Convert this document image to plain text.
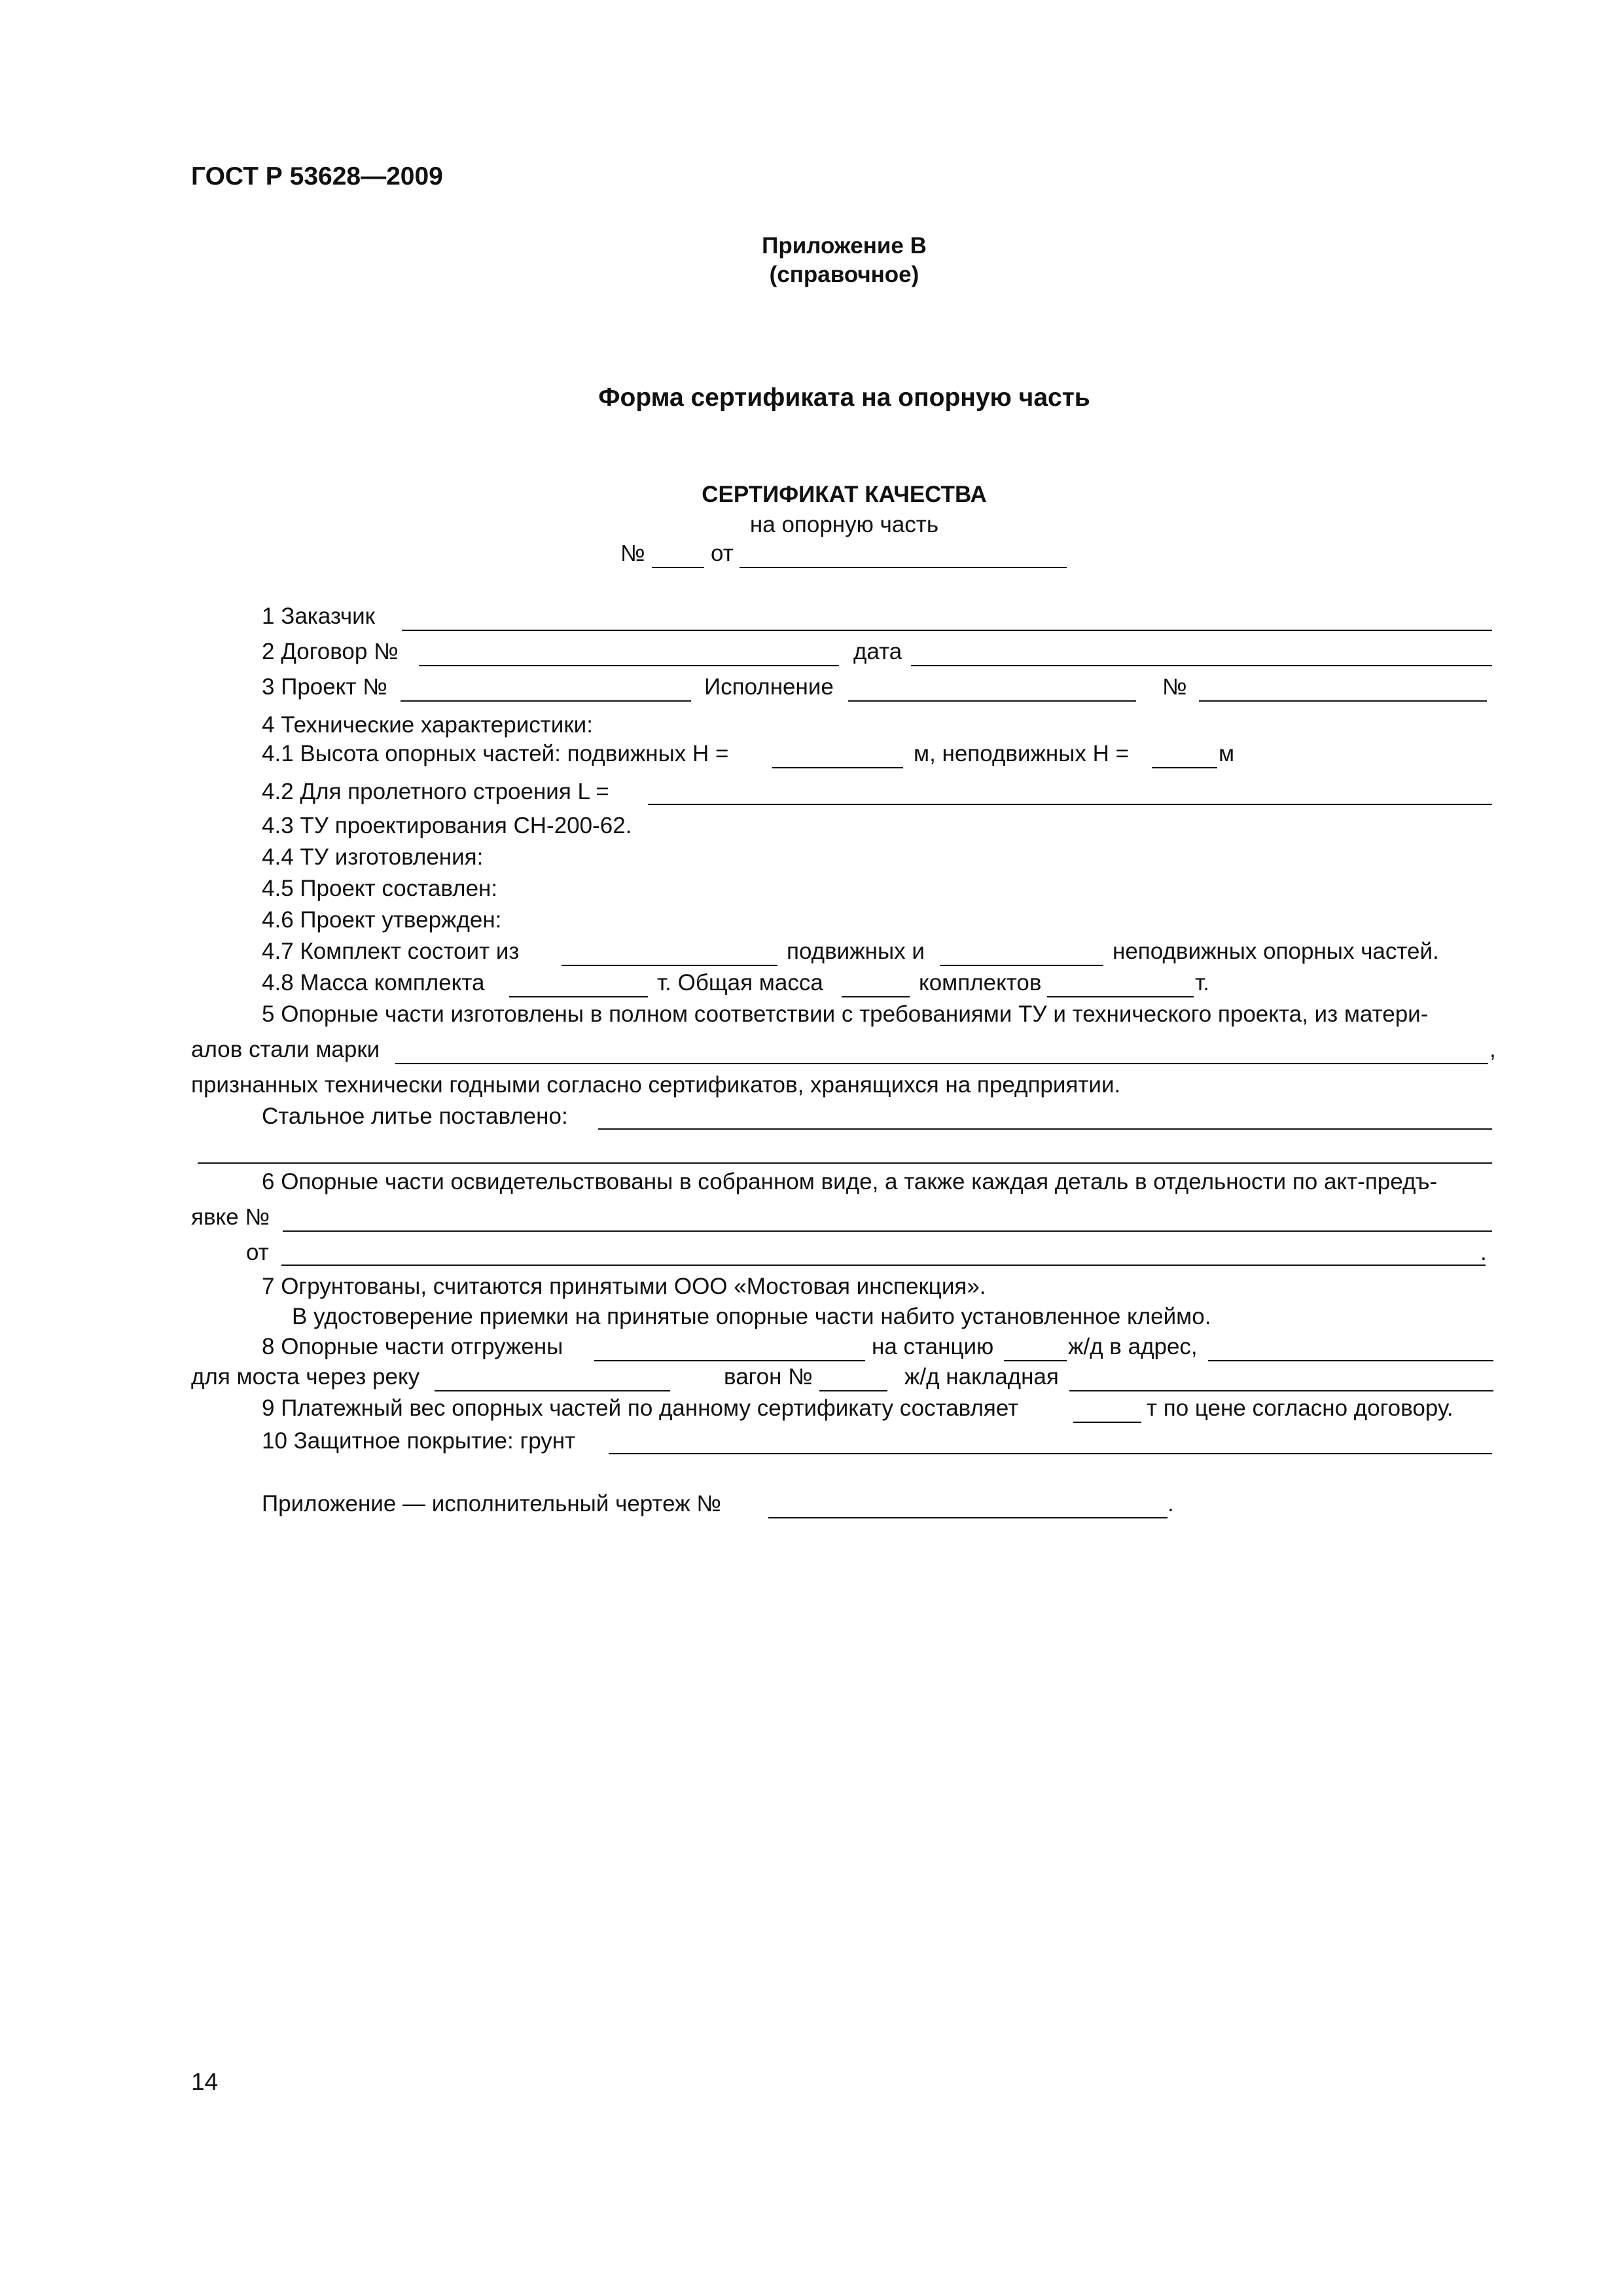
ГОСТ Р 53628—2009
Приложение В
(справочное)
Форма сертификата на опорную часть
СЕРТИФИКАТ КАЧЕСТВА
на опорную часть
№	от
1 Заказчик
2 Договор №	дата
3 Проект №	Исполнение	№
4 Технические характеристики:
4.1 Высота опорных частей: подвижных H =	м, неподвижных H =	м
4.2 Для пролетного строения L =
4.3 ТУ проектирования СН-200-62.
4.4 ТУ изготовления:
4.5 Проект составлен:
4.6 Проект утвержден:
4.7 Комплект состоит из	подвижных и	неподвижных опорных частей.
4.8 Масса комплекта	т. Общая масса	комплектов	т.
5 Опорные части изготовлены в полном соответствии с требованиями ТУ и технического проекта, из матери-
алов стали марки	,
признанных технически годными согласно сертификатов, хранящихся на предприятии.
Стальное литье поставлено:
6 Опорные части освидетельствованы в собранном виде, а также каждая деталь в отдельности по акт-предъ-
явке №
от	.
7 Огрунтованы, считаются принятыми ООО «Мостовая инспекция».
В удостоверение приемки на принятые опорные части набито установленное клеймо.
8 Опорные части отгружены	на станцию	ж/д в адрес,
для моста через реку	вагон №	ж/д накладная
9 Платежный вес опорных частей по данному сертификату составляет	т по цене согласно договору.
10 Защитное покрытие: грунт
Приложение — исполнительный чертеж №	.
14
